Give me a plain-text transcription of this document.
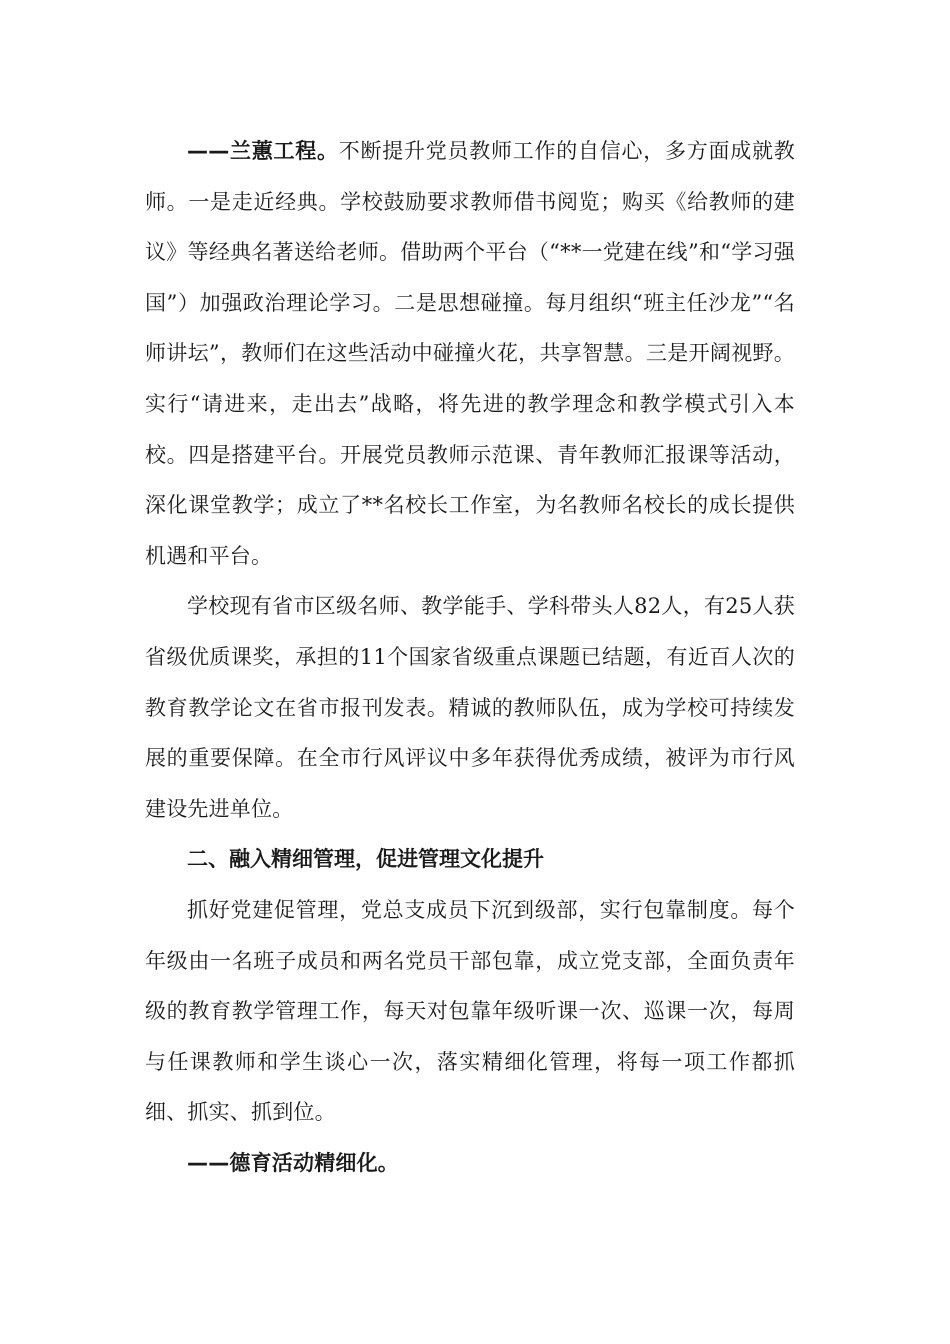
——兰蕙工程。不断提升党员教师工作的自信心，多方面成就教师。一是走近经典。学校鼓励要求教师借书阅览；购买《给教师的建议》等经典名著送给老师。借助两个平台（“**一党建在线”和“学习强国”）加强政治理论学习。二是思想碰撞。每月组织“班主任沙龙”“名师讲坛”，教师们在这些活动中碰撞火花，共享智慧。三是开阔视野。实行“请进来，走出去”战略，将先进的教学理念和教学模式引入本校。四是搭建平台。开展党员教师示范课、青年教师汇报课等活动，深化课堂教学；成立了**名校长工作室，为名教师名校长的成长提供机遇和平台。

学校现有省市区级名师、教学能手、学科带头人82人，有25人获省级优质课奖，承担的11个国家省级重点课题已结题，有近百人次的教育教学论文在省市报刊发表。精诚的教师队伍，成为学校可持续发展的重要保障。在全市行风评议中多年获得优秀成绩，被评为市行风建设先进单位。

二、融入精细管理，促进管理文化提升

抓好党建促管理，党总支成员下沉到级部，实行包靠制度。每个年级由一名班子成员和两名党员干部包靠，成立党支部，全面负责年级的教育教学管理工作，每天对包靠年级听课一次、巡课一次，每周与任课教师和学生谈心一次，落实精细化管理，将每一项工作都抓细、抓实、抓到位。

——德育活动精细化。
